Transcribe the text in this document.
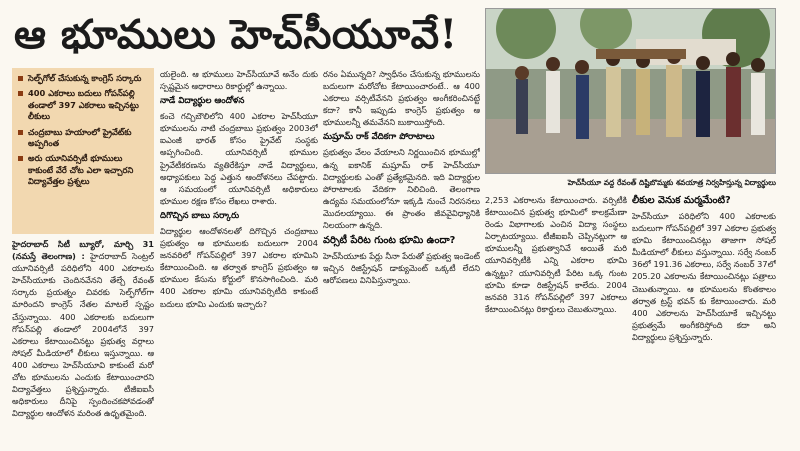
ఆ భూములు హెచ్‌సీయూవే!
హెచ్‌సీయూ వద్ద రేవంత్ దిష్టిబొమ్మకు శవయాత్ర నిర్వహిస్తున్న విద్యార్థులు
సెల్ఫ్‌గోల్ చేసుకున్న కాంగ్రెస్ సర్కారు
400 ఎకరాలు బదులు గోపన్‌పల్లి తండాలో 397 ఎకరాలు ఇచ్చినట్టు లీకులు
చంద్రబాబు హయాంలో ప్రైవేట్‌కు అప్పగింత
అరు యూనివర్సిటీ భూములు కాకుంటే వేరే చోట ఎలా ఇచ్చారని విద్యావేత్తల ప్రశ్నలు

హైదరాబాద్ సిటీ బ్యూరో, మార్చి 31 (నమస్తే తెలంగాణ) : హైదరాబాద్ సెంట్రల్ యూనివర్సిటీ పరిధిలోని 400 ఎకరాలను హెచ్‌సీయూకు చెందినవేనని తేల్చే రేవంత్ సర్కారు ప్రయత్నం చివరకు సెల్ఫ్‌గోల్‌గా మారిందని కాంగ్రెస్ నేతల మాటలే స్పష్టం చేస్తున్నాయి. 400 ఎకరాలకు బదులుగా గోపన్‌పల్లి తండాలో 2004లోనే 397 ఎకరాలు కేటాయించినట్టు ప్రభుత్వ వర్గాలు సోషల్ మీడియాలో లీకులు ఇస్తున్నాయి. ఆ 400 ఎకరాలు హెచ్‌సీయూవి కాకుంటే మరో చోట భూములను ఎందుకు కేటాయించారని విద్యావేత్తలు ప్రశ్నిస్తున్నారు. టీజీఐఐసీ అధికారులు దీనిపై స్పందించకపోవడంతో విద్యార్థుల ఆందోళన మరింత ఉధృతమైంది.

యలైంది. ఆ భూములు హెచ్‌సీయూవే అనేం దుకు స్పష్టమైన ఆధారాలు రికార్డుల్లో ఉన్నాయి.

నాడే విద్యార్థుల ఆందోళన

కంచె గచ్చిబౌలిలోని 400 ఎకరాల హెచ్‌సీయూ భూములను నాటి చంద్రబాబు ప్రభుత్వం 2003లో ఐఎంజీ భారత్ కోసం ప్రైవేట్ సంస్థకు అప్పగించింది. యూనివర్సిటీ భూముల ప్రైవేటీకరణను వ్యతిరేకిస్తూ నాడే విద్యార్థులు, అధ్యాపకులు పెద్ద ఎత్తున ఆందోళనలు చేపట్టారు. ఆ సమయంలో యూనివర్సిటీ అధికారులు భూముల రక్షణ కోసం లేఖలు రాశారు.

దిగొచ్చిన బాబు సర్కారు

విద్యార్థుల ఆందోళనలతో దిగొచ్చిన చంద్రబాబు ప్రభుత్వం ఆ భూములకు బదులుగా 2004 జనవరిలో గోపన్‌పల్లిలో 397 ఎకరాల భూమిని కేటాయించింది. ఆ తర్వాత కాంగ్రెస్ ప్రభుత్వం ఆ భూముల కేసును కోర్టులో కొనసాగించింది. మరి 400 ఎకరాల భూమి యూనివర్సిటీది కాకుంటే బదులు భూమి ఎందుకు ఇచ్చారు?

రనం ఏమున్నది? స్వాధీనం చేసుకున్న భూములను బదులుగా మరోచోట కేటాయించారంటే.. ఆ 400 ఎకరాలు వర్సిటీవేనని ప్రభుత్వం అంగీకరించినట్టే కదా? కానీ ఇప్పుడు కాంగ్రెస్ ప్రభుత్వం ఆ భూములన్నీ తమవేనని బుకాయిస్తోంది.

మష్రూమ్ రాక్ వేదికగా పోరాటాలు

ప్రభుత్వం వేలం వేయాలని నిర్ణయించిన భూముల్లో ఉన్న ఐకానిక్ మష్రూమ్ రాక్ హెచ్‌సీయూ విద్యార్థులకు ఎంతో ప్రత్యేకమైనది. ఇది విద్యార్థుల పోరాటాలకు వేదికగా నిలిచింది. తెలంగాణ ఉద్యమ సమయంలోనూ ఇక్కడి నుంచే నిరసనలు మొదలయ్యాయి. ఈ ప్రాంతం జీవవైవిధ్యానికి నిలయంగా ఉన్నది.

వర్సిటీ పేరిట గుంట భూమి ఉందా?

హెచ్‌సీయూకు పేర్లు నీనా పేరుతో ప్రభుత్వ ఇండెంట్ ఇచ్చిన రిజిస్ట్రేషన్ డాక్యుమెంట్ ఒక్కటీ లేదని ఆరోపణలు వినిపిస్తున్నాయి.

2,253 ఎకరాలను కేటాయించారు. వర్సిటీకి కేటాయించిన ప్రభుత్వ భూమిలో కాలక్రమేణా రెండు విభాగాలకు ఎంచిన విద్యా సంస్థలు ఏర్పాటయ్యాయి. టీజీఐఐసీ చెప్పినట్లుగా ఆ భూములన్నీ ప్రభుత్వానివే అయితే మరి యూనివర్సిటీకి ఎన్ని ఎకరాల భూమి ఉన్నట్టు? యూనివర్సిటీ పేరిట ఒక్క గుంట భూమి కూడా రిజిస్ట్రేషన్ కాలేదు. 2004 జనవరి 31న గోపన్‌పల్లిలో 397 ఎకరాలు కేటాయించినట్లు రికార్డులు చెబుతున్నాయి.

లీకుల వెనుక మర్మమేంటి?

హెచ్‌సీయూ పరిధిలోని 400 ఎకరాలకు బదులుగా గోపన్‌పల్లిలో 397 ఎకరాల ప్రభుత్వ భూమి కేటాయించినట్లు తాజాగా సోషల్ మీడియాలో లీకులు వస్తున్నాయి. సర్వే నంబర్ 36లో 191.36 ఎకరాలు, సర్వే నంబర్ 37లో 205.20 ఎకరాలను కేటాయించినట్లు పత్రాలు చెబుతున్నాయి. ఆ భూములను కొంతకాలం తర్వాత ట్రస్ట్ భవన్ కు కేటాయించారు. మరి 400 ఎకరాలను హెచ్‌సీయూకే ఇచ్చినట్టు ప్రభుత్వమే అంగీకరిస్తోంది కదా అని విద్యార్థులు ప్రశ్నిస్తున్నారు.
